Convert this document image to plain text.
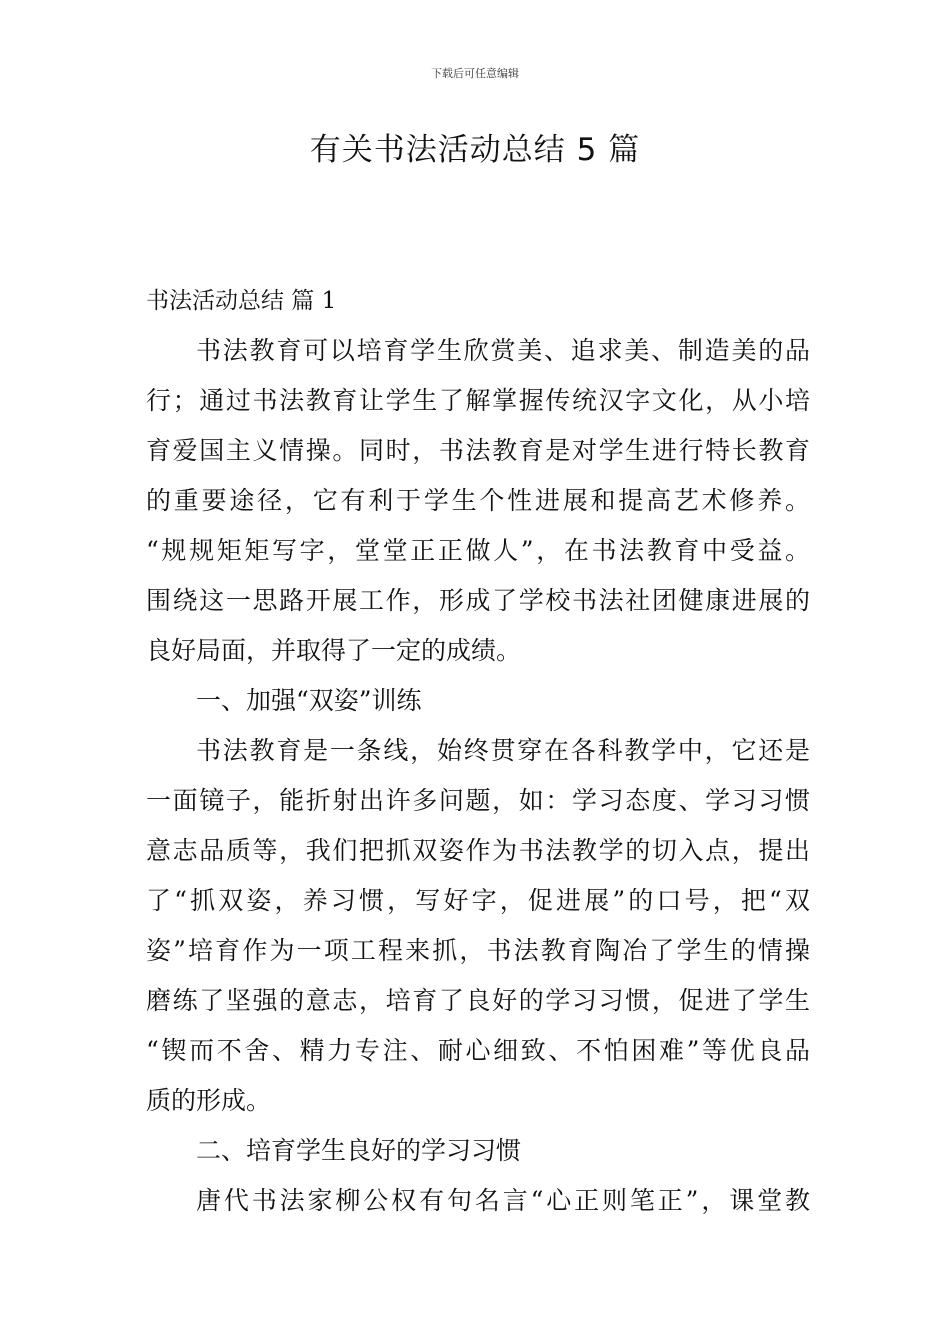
下载后可任意编辑
有关书法活动总结 5 篇
书法活动总结 篇 1
书法教育可以培育学生欣赏美、追求美、制造美的品
行；通过书法教育让学生了解掌握传统汉字文化，从小培
育爱国主义情操。同时，书法教育是对学生进行特长教育
的重要途径，它有利于学生个性进展和提高艺术修养。
“规规矩矩写字，堂堂正正做人”，在书法教育中受益。
围绕这一思路开展工作，形成了学校书法社团健康进展的
良好局面，并取得了一定的成绩。
一、加强“双姿”训练
书法教育是一条线，始终贯穿在各科教学中，它还是
一面镜子，能折射出许多问题，如：学习态度、学习习惯
意志品质等，我们把抓双姿作为书法教学的切入点，提出
了“抓双姿，养习惯，写好字，促进展”的口号，把“双
姿”培育作为一项工程来抓，书法教育陶冶了学生的情操
磨练了坚强的意志，培育了良好的学习习惯，促进了学生
“锲而不舍、精力专注、耐心细致、不怕困难”等优良品
质的形成。
二、培育学生良好的学习习惯
唐代书法家柳公权有句名言“心正则笔正”，课堂教
